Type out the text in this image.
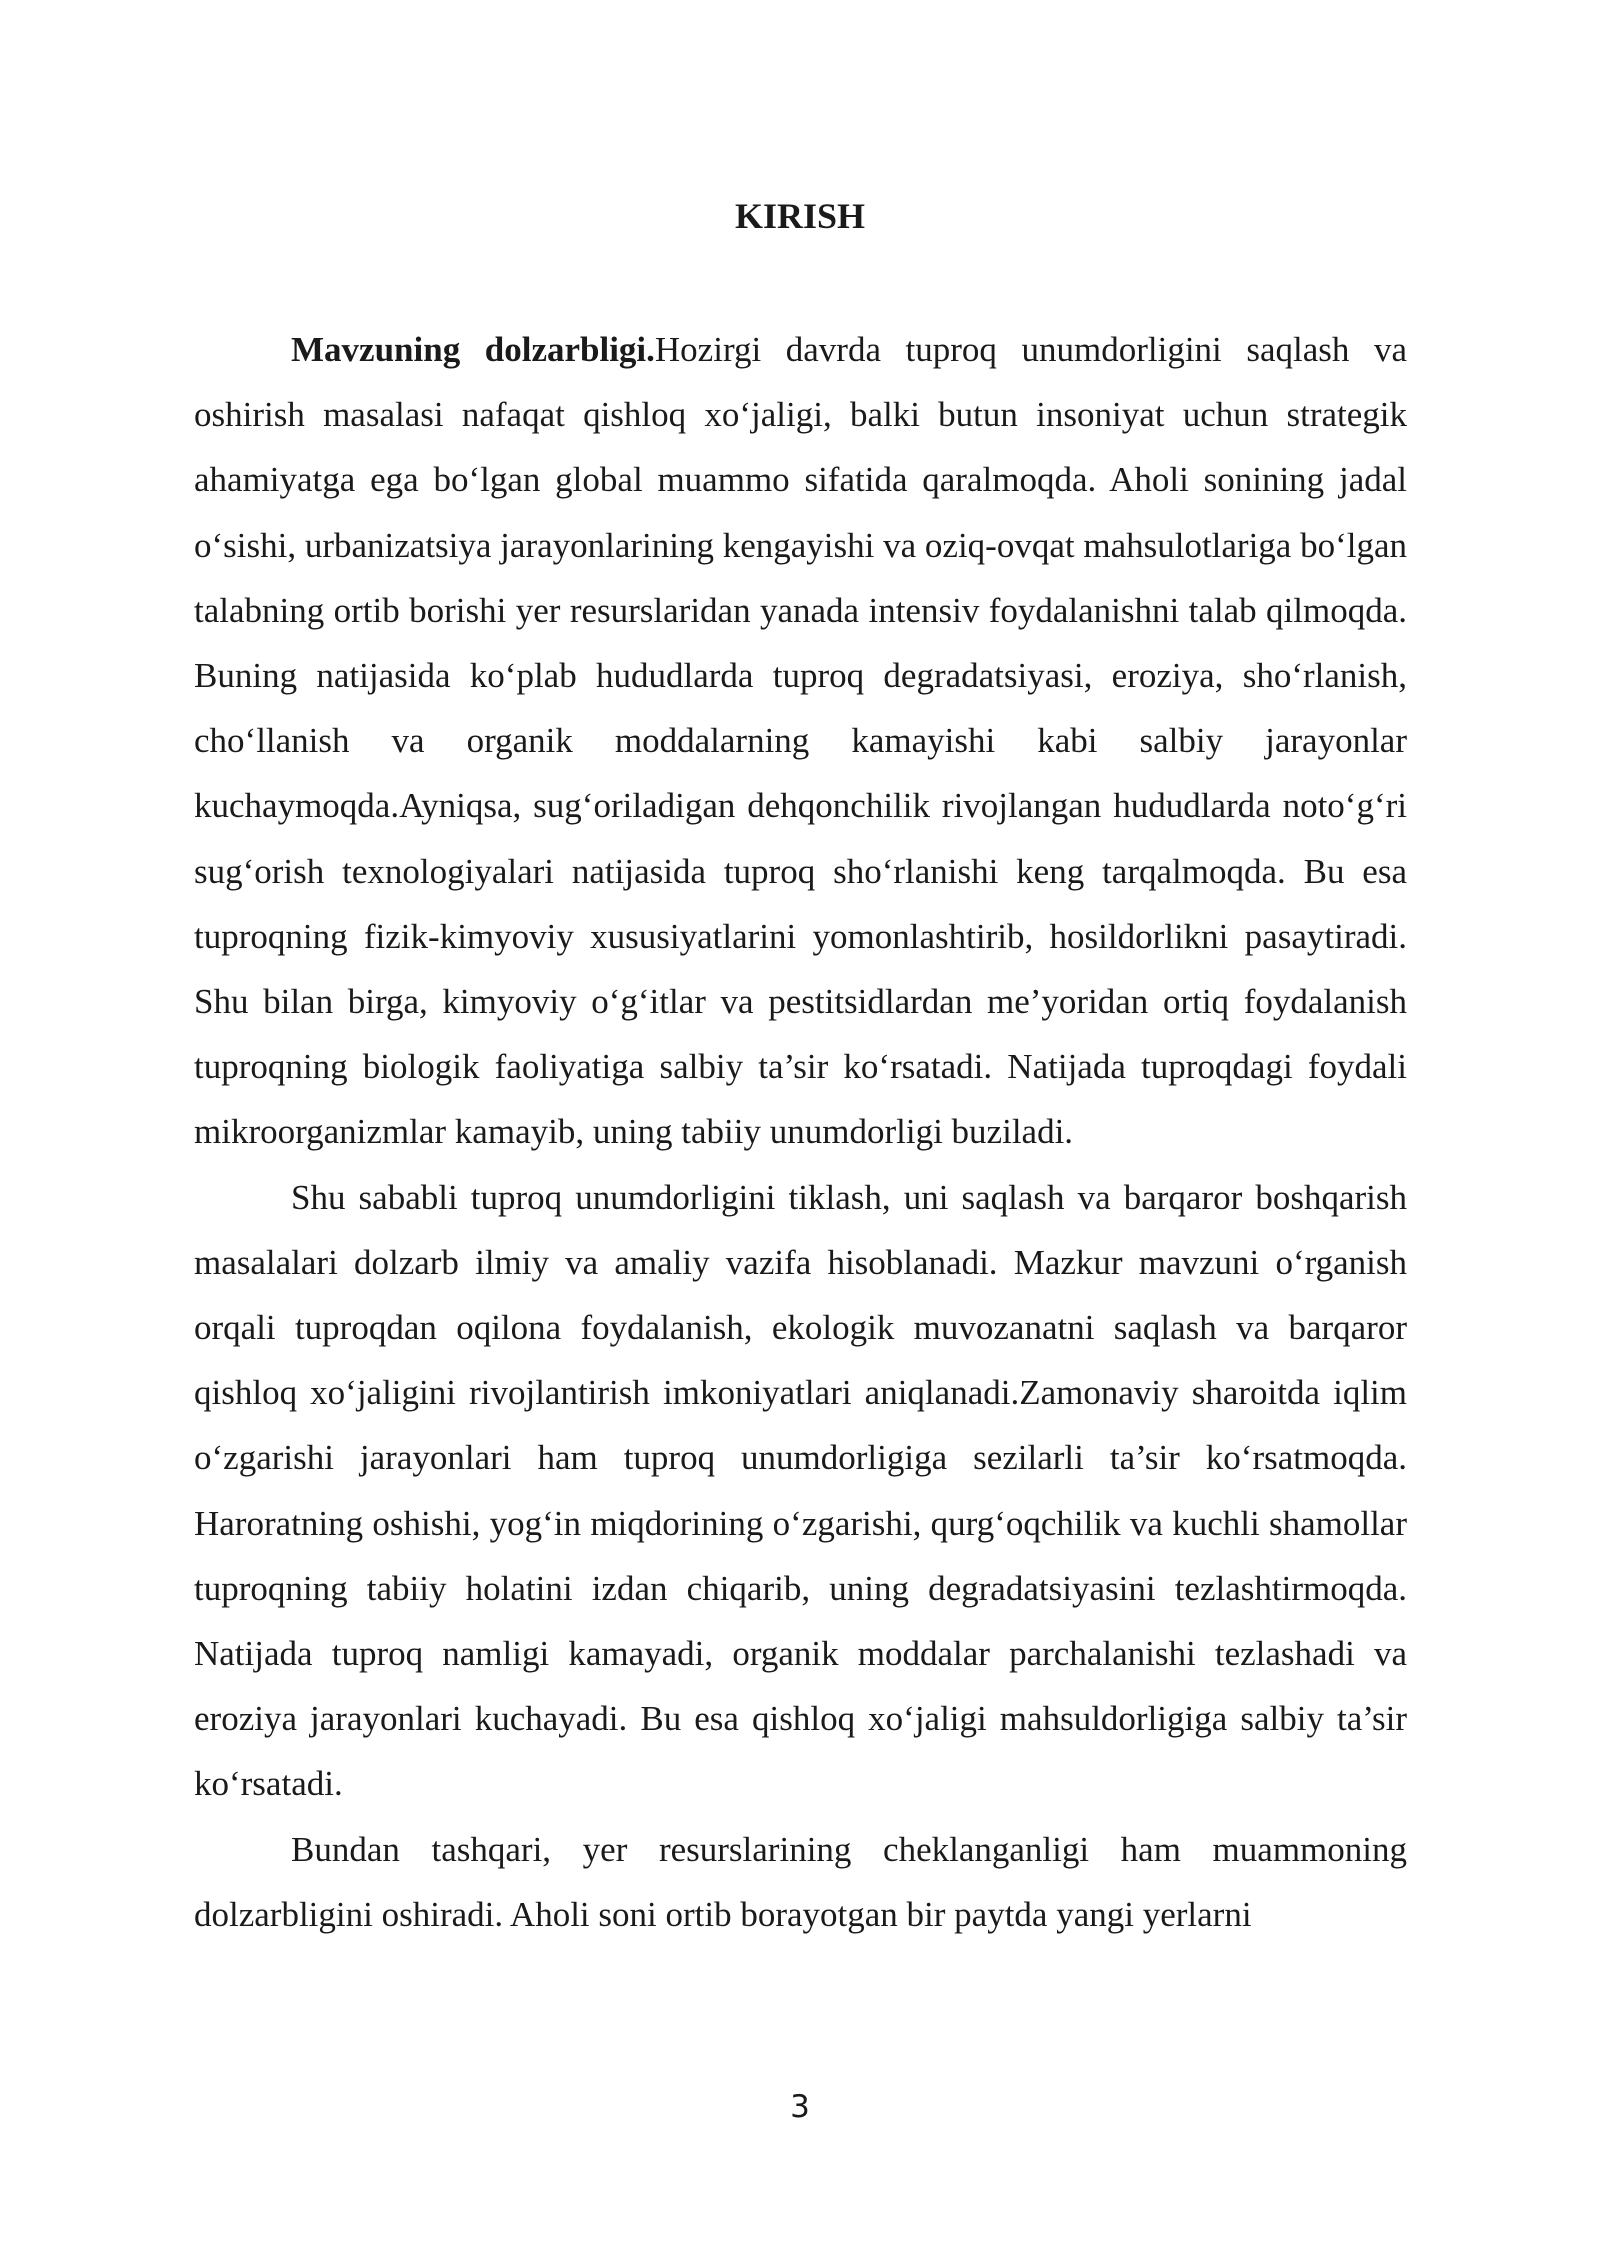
KIRISH

Mavzuning dolzarbligi.Hozirgi davrda tuproq unumdorligini saqlash va oshirish masalasi nafaqat qishloq xo‘jaligi, balki butun insoniyat uchun strategik ahamiyatga ega bo‘lgan global muammo sifatida qaralmoqda. Aholi sonining jadal o‘sishi, urbanizatsiya jarayonlarining kengayishi va oziq-ovqat mahsulotlariga bo‘lgan talabning ortib borishi yer resurslaridan yanada intensiv foydalanishni talab qilmoqda. Buning natijasida ko‘plab hududlarda tuproq degradatsiyasi, eroziya, sho‘rlanish, cho‘llanish va organik moddalarning kamayishi kabi salbiy jarayonlar kuchaymoqda.Ayniqsa, sug‘oriladigan dehqonchilik rivojlangan hududlarda noto‘g‘ri sug‘orish texnologiyalari natijasida tuproq sho‘rlanishi keng tarqalmoqda. Bu esa tuproqning fizik-kimyoviy xususiyatlarini yomonlashtirib, hosildorlikni pasaytiradi. Shu bilan birga, kimyoviy o‘g‘itlar va pestitsidlardan me’yoridan ortiq foydalanish tuproqning biologik faoliyatiga salbiy ta’sir ko‘rsatadi. Natijada tuproqdagi foydali mikroorganizmlar kamayib, uning tabiiy unumdorligi buziladi.

Shu sababli tuproq unumdorligini tiklash, uni saqlash va barqaror boshqarish masalalari dolzarb ilmiy va amaliy vazifa hisoblanadi. Mazkur mavzuni o‘rganish orqali tuproqdan oqilona foydalanish, ekologik muvozanatni saqlash va barqaror qishloq xo‘jaligini rivojlantirish imkoniyatlari aniqlanadi.Zamonaviy sharoitda iqlim o‘zgarishi jarayonlari ham tuproq unumdorligiga sezilarli ta’sir ko‘rsatmoqda. Haroratning oshishi, yog‘in miqdorining o‘zgarishi, qurg‘oqchilik va kuchli shamollar tuproqning tabiiy holatini izdan chiqarib, uning degradatsiyasini tezlashtirmoqda. Natijada tuproq namligi kamayadi, organik moddalar parchalanishi tezlashadi va eroziya jarayonlari kuchayadi. Bu esa qishloq xo‘jaligi mahsuldorligiga salbiy ta’sir ko‘rsatadi.

Bundan tashqari, yer resurslarining cheklanganligi ham muammoning dolzarbligini oshiradi. Aholi soni ortib borayotgan bir paytda yangi yerlarni

3
